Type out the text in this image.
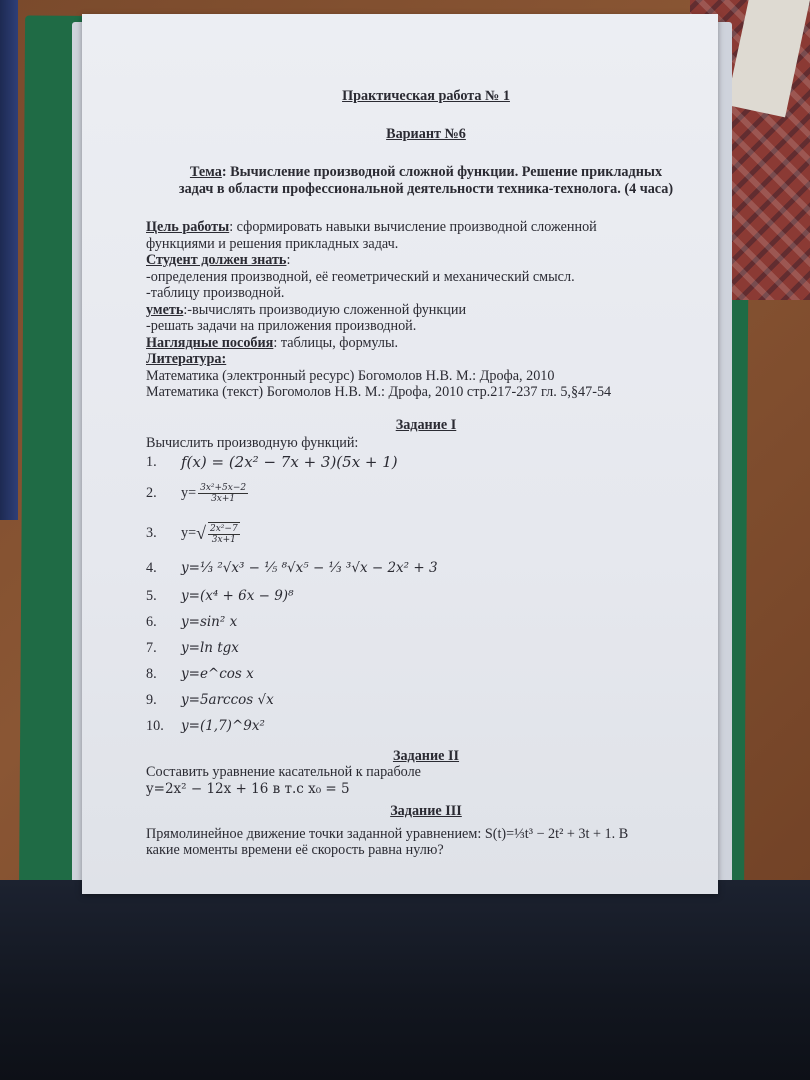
Практическая работа № 1
Вариант №6
Тема: Вычисление производной сложной функции. Решение прикладных
задач в области профессиональной деятельности техника-технолога. (4 часа)
Цель работы: сформировать навыки вычисление производной сложенной
функциями и решения прикладных задач.
Студент должен знать:
-определения производной, её геометрический и механический смысл.
-таблицу производной.
уметь:-вычислять производиую сложенной функции
-решать задачи на приложения производной.
Наглядные пособия: таблицы, формулы.
Литература:
Математика (электронный ресурс) Богомолов Н.В. М.: Дрофа, 2010
Математика (текст) Богомолов Н.В. М.: Дрофа, 2010 стр.217-237 гл. 5,§47-54
Задание I
Вычислить производную функций:
1.	f(x) = (2x² − 7x + 3)(5x + 1)
2.	$y= \frac{\text{3x²+5x−2}}{3x+1}$
3.	y= √ $\frac{\text{2x²−7}}{3x+1}$
4.	y=⅓ ²√x³ − ⅕ ⁸√x⁵ − ⅓ ³√x − 2x² + 3
5.	y=(x⁴ + 6x − 9)⁸
6.	y=sin² x
7.	y=ln tgx
8.	y=e^cos x
9.	y=5arccos √x
10.	y=(1,7)^9x²
Задание II
Составить уравнение касательной к параболе
y=2x² − 12x + 16 в т.с x₀ = 5
Задание III
Прямолинейное движение точки заданной уравнением: S(t)=⅓t³ − 2t² + 3t + 1. В
какие моменты времени её скорость равна нулю?
